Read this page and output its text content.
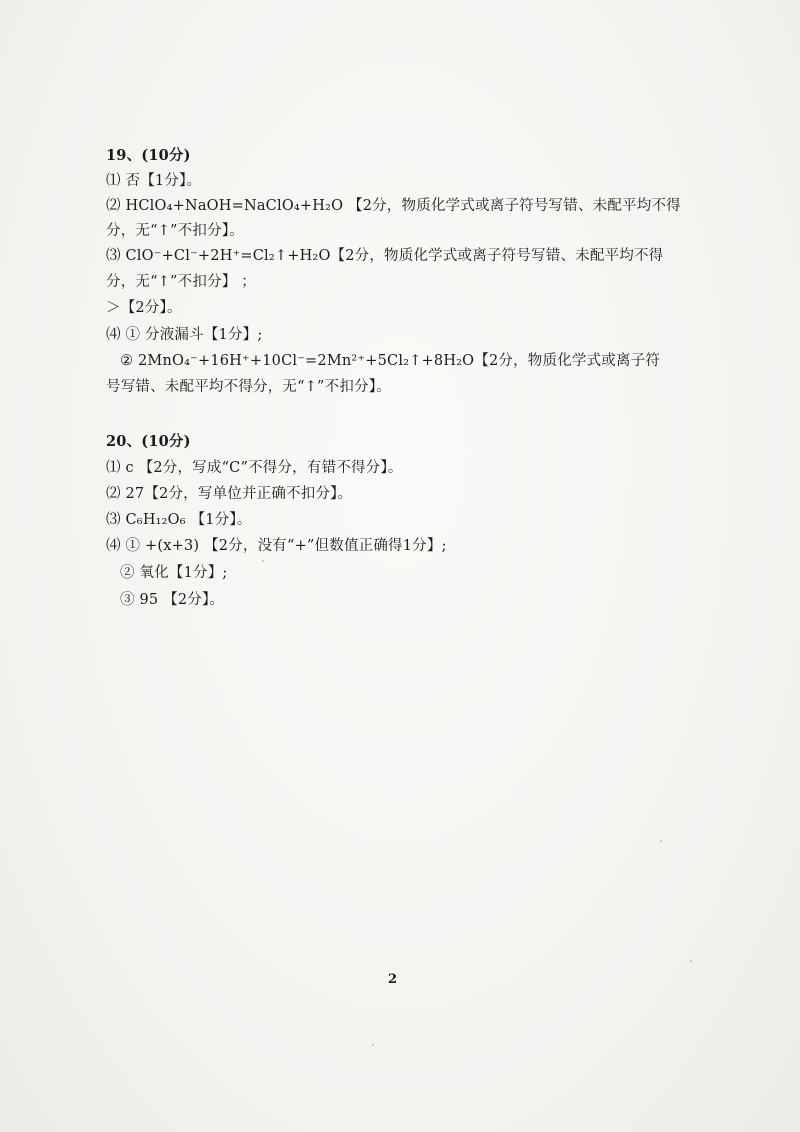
19、(10分)
⑴ 否【1分】。
⑵ HClO₄+NaOH=NaClO₄+H₂O 【2分，物质化学式或离子符号写错、未配平均不得
分，无“↑”不扣分】。
⑶ ClO⁻+Cl⁻+2H⁺=Cl₂↑+H₂O【2分，物质化学式或离子符号写错、未配平均不得
分，无“↑”不扣分】 ；
＞【2分】。
⑷ ① 分液漏斗【1分】;
② 2MnO₄⁻+16H⁺+10Cl⁻=2Mn²⁺+5Cl₂↑+8H₂O【2分，物质化学式或离子符
号写错、未配平均不得分，无“↑”不扣分】。
20、(10分)
⑴ c 【2分，写成“C”不得分，有错不得分】。
⑵ 27【2分，写单位并正确不扣分】。
⑶ C₆H₁₂O₆ 【1分】。
⑷ ① +(x+3) 【2分，没有“+”但数值正确得1分】;
② 氧化【1分】;
③ 95 【2分】。
2
